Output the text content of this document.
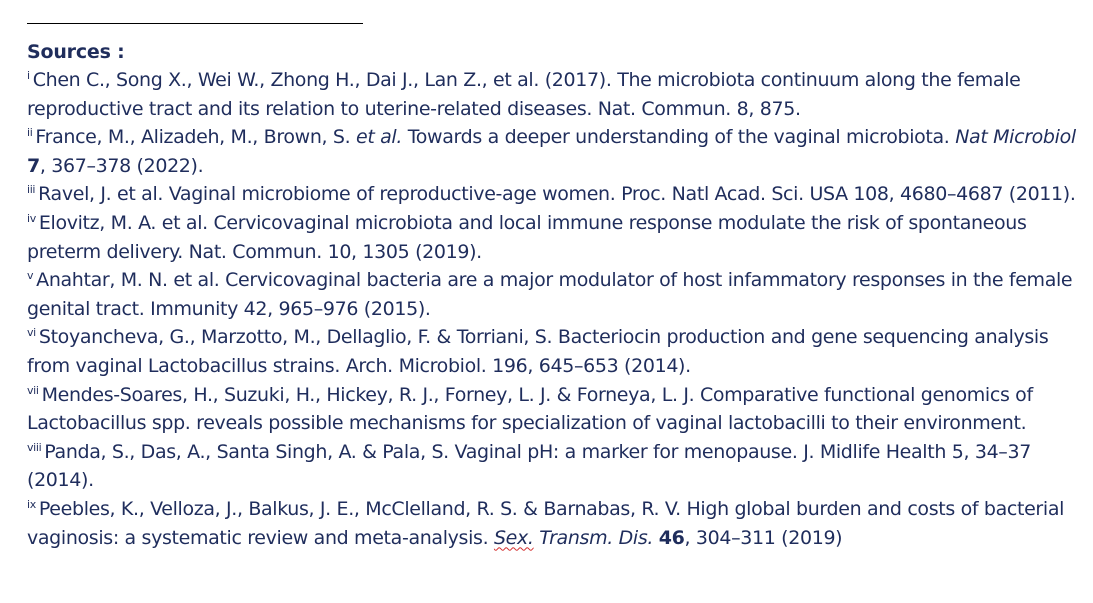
Sources :

$^i$ Chen C., Song X., Wei W., Zhong H., Dai J., Lan Z., et al. (2017). The microbiota continuum along the female reproductive tract and its relation to uterine-related diseases. Nat. Commun. 8, 875.

$^{ii}$ France, M., Alizadeh, M., Brown, S. et al. Towards a deeper understanding of the vaginal microbiota. Nat Microbiol 7, 367–378 (2022).

$^{iii}$ Ravel, J. et al. Vaginal microbiome of reproductive-age women. Proc. Natl Acad. Sci. USA 108, 4680–4687 (2011).

$^{iv}$ Elovitz, M. A. et al. Cervicovaginal microbiota and local immune response modulate the risk of spontaneous preterm delivery. Nat. Commun. 10, 1305 (2019).

$^v$ Anahtar, M. N. et al. Cervicovaginal bacteria are a major modulator of host infammatory responses in the female genital tract. Immunity 42, 965–976 (2015).

$^{vi}$ Stoyancheva, G., Marzotto, M., Dellaglio, F. & Torriani, S. Bacteriocin production and gene sequencing analysis from vaginal Lactobacillus strains. Arch. Microbiol. 196, 645–653 (2014).

$^{vii}$ Mendes-Soares, H., Suzuki, H., Hickey, R. J., Forney, L. J. & Forneya, L. J. Comparative functional genomics of Lactobacillus spp. reveals possible mechanisms for specialization of vaginal lactobacilli to their environment.

$^{viii}$ Panda, S., Das, A., Santa Singh, A. & Pala, S. Vaginal pH: a marker for menopause. J. Midlife Health 5, 34–37 (2014).

$^{ix}$ Peebles, K., Velloza, J., Balkus, J. E., McClelland, R. S. & Barnabas, R. V. High global burden and costs of bacterial vaginosis: a systematic review and meta-analysis. Sex. Transm. Dis. 46, 304–311 (2019)
